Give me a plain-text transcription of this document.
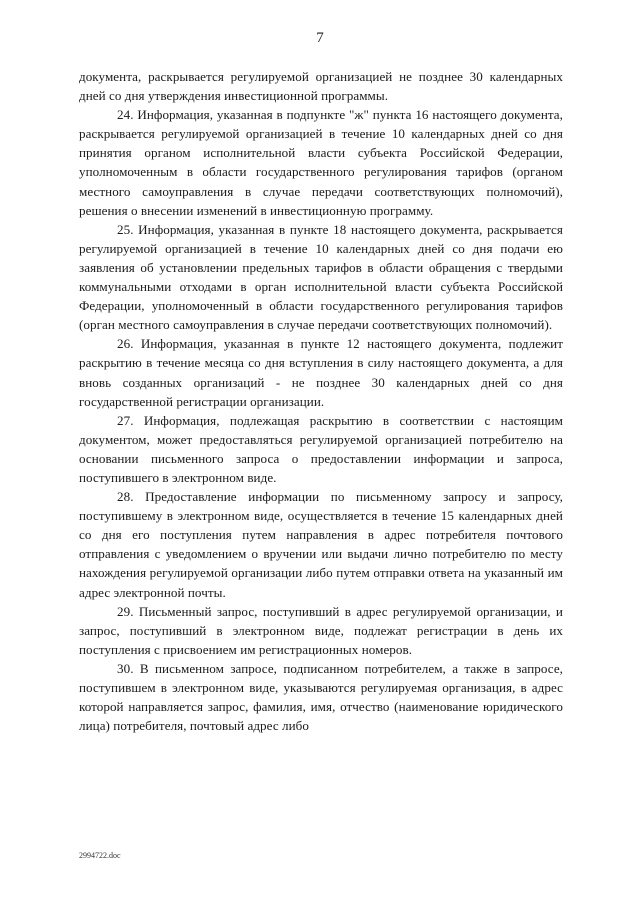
7

документа, раскрывается регулируемой организацией не позднее 30 календарных дней со дня утверждения инвестиционной программы.

24. Информация, указанная в подпункте "ж" пункта 16 настоящего документа, раскрывается регулируемой организацией в течение 10 календарных дней со дня принятия органом исполнительной власти субъекта Российской Федерации, уполномоченным в области государственного регулирования тарифов (органом местного самоуправления в случае передачи соответствующих полномочий), решения о внесении изменений в инвестиционную программу.

25. Информация, указанная в пункте 18 настоящего документа, раскрывается регулируемой организацией в течение 10 календарных дней со дня подачи ею заявления об установлении предельных тарифов в области обращения с твердыми коммунальными отходами в орган исполнительной власти субъекта Российской Федерации, уполномоченный в области государственного регулирования тарифов (орган местного самоуправления в случае передачи соответствующих полномочий).

26. Информация, указанная в пункте 12 настоящего документа, подлежит раскрытию в течение месяца со дня вступления в силу настоящего документа, а для вновь созданных организаций - не позднее 30 календарных дней со дня государственной регистрации организации.

27. Информация, подлежащая раскрытию в соответствии с настоящим документом, может предоставляться регулируемой организацией потребителю на основании письменного запроса о предоставлении информации и запроса, поступившего в электронном виде.

28. Предоставление информации по письменному запросу и запросу, поступившему в электронном виде, осуществляется в течение 15 календарных дней со дня его поступления путем направления в адрес потребителя почтового отправления с уведомлением о вручении или выдачи лично потребителю по месту нахождения регулируемой организации либо путем отправки ответа на указанный им адрес электронной почты.

29. Письменный запрос, поступивший в адрес регулируемой организации, и запрос, поступивший в электронном виде, подлежат регистрации в день их поступления с присвоением им регистрационных номеров.

30. В письменном запросе, подписанном потребителем, а также в запросе, поступившем в электронном виде, указываются регулируемая организация, в адрес которой направляется запрос, фамилия, имя, отчество (наименование юридического лица) потребителя, почтовый адрес либо

2994722.doc
